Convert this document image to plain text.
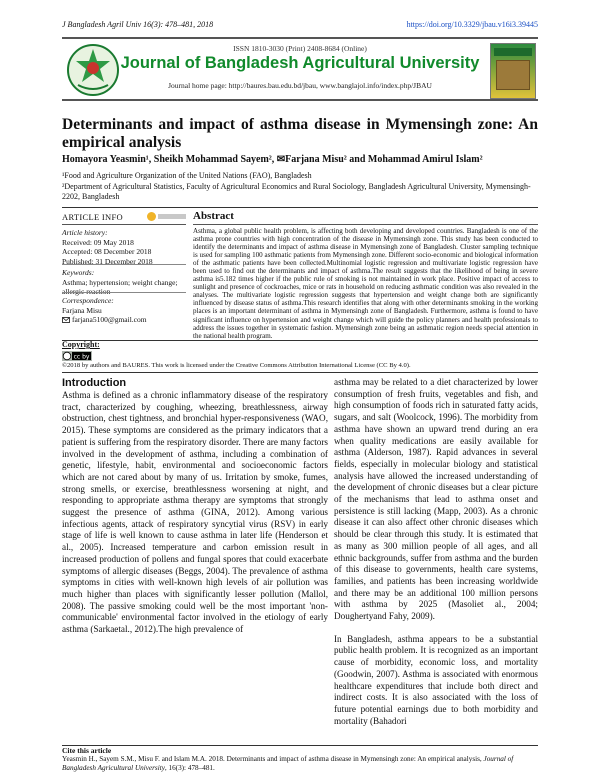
J Bangladesh Agril Univ 16(3): 478–481, 2018	https://doi.org/10.3329/jbau.v16i3.39445
ISSN 1810-3030 (Print) 2408-8684 (Online)
Journal of Bangladesh Agricultural University
Journal home page: http://baures.bau.edu.bd/jbau, www.banglajol.info/index.php/JBAU
Determinants and impact of asthma disease in Mymensingh zone: An empirical analysis
Homayora Yeasmin¹, Sheikh Mohammad Sayem², ✉Farjana Misu² and Mohammad Amirul Islam²
¹Food and Agriculture Organization of the United Nations (FAO), Bangladesh
²Department of Agricultural Statistics, Faculty of Agricultural Economics and Rural Sociology, Bangladesh Agricultural University, Mymensingh-2202, Bangladesh
ARTICLE INFO	Abstract
Article history:
Received: 09 May 2018
Accepted: 08 December 2018
Published: 31 December 2018
Keywords:
Asthma; hypertension; weight change; allergic reaction
Correspondence:
Farjana Misu
farjana5100@gmail.com
Asthma, a global public health problem, is affecting both developing and developed countries. Bangladesh is one of the asthma prone countries with high concentration of the disease in Mymensingh zone. This study has been conducted to identify the determinants and impact of asthma disease in Mymensingh zone of Bangladesh. Cluster sampling technique is used for sampling 100 asthmatic patients from Mymensingh zone. Different socio-economic and biological information of the asthmatic patients have been collected.Multinomial logistic regression and multivariate logistic regression have been used to find out the determinants and impact of asthma.The result suggests that the likelihood of being in severe asthma is5.182 times higher if the public rule of smoking is not maintained in work place. Positive impact of access to sunlight and presence of cockroaches, mice or rats in household on reducing asthmatic condition was also revealed in the analyses. The multivariate logistic regression suggests that hypertension and weight change both are significantly influenced by disease status of asthma.This research identifies that along with other determinants smoking in the working places is an important determinant of asthma in Mymensingh zone of Bangladesh. Furthermore, asthma is found to have significant influence on hypertension and weight change which will guide the policy planners and health professionals to address the issues together in systematic fashion. Mymensingh zone being an asthmatic region needs special attention in the national health program.
Copyright:
cc by
©2018 by authors and BAURES. This work is licensed under the Creative Commons Attribution International License (CC By 4.0).
Introduction

Asthma is defined as a chronic inflammatory disease of the respiratory tract, characterized by coughing, wheezing, breathlessness, airway obstruction, chest tightness, and bronchial hyper-responsiveness (WAO, 2015). These symptoms are considered as the primary indicators that a patient is suffering from the respiratory disorder. There are many factors involved in the development of asthma, including a combination of genetic, lifestyle, habit, environmental and socioeconomic factors which are not cared about by many of us. Irritation by smoke, fumes, strong smells, or exercise, breathlessness worsening at night, and responding to appropriate asthma therapy are symptoms that strongly suggest the presence of asthma (GINA, 2012). Among various infectious agents, attack of respiratory syncytial virus (RSV) in early stage of life is well known to cause asthma in later life (Henderson et al., 2005). Increased temperature and carbon emission result in increased production of pollens and fungal spores that could exacerbate symptoms of allergic diseases (Beggs, 2004). The prevalence of asthma symptoms in cities with well-known high levels of air pollution was much higher than places with significantly lesser pollution (Mallol, 2008). The passive smoking could well be the most important 'non-communicable' environmental factor involved in the etiology of early asthma (Sarkaetal., 2012).The high prevalence of

asthma may be related to a diet characterized by lower consumption of fresh fruits, vegetables and fish, and high consumption of foods rich in saturated fatty acids, sugars, and salt (Woolcock, 1996). The morbidity from asthma have shown an upward trend during an era when quality medications are easily available for asthma (Alderson, 1987). Rapid advances in several fields, especially in molecular biology and statistical analysis have allowed the increased understanding of the development of chronic diseases but a clear picture of the mechanisms that lead to asthma onset and persistence is still lacking (Mapp, 2003). As a chronic disease it can also affect other chronic diseases which should be clear through this study. It is estimated that as many as 300 million people of all ages, and all ethnic backgrounds, suffer from asthma and the burden of this disease to governments, health care systems, families, and patients has been increasing worldwide and there may be an additional 100 million persons with asthma by 2025 (Masoliet al., 2004; Doughertyand Fahy, 2009).

In Bangladesh, asthma appears to be a substantial public health problem. It is recognized as an important cause of morbidity, economic loss, and mortality (Goodwin, 2007). Asthma is associated with enormous healthcare expenditures that include both direct and indirect costs. It is also associated with the loss of future potential earnings due to both morbidity and mortality (Bahadori

Cite this article
Yeasmin H., Sayem S.M., Misu F. and Islam M.A. 2018. Determinants and impact of asthma disease in Mymensingh zone: An empirical analysis, Journal of Bangladesh Agricultural University, 16(3): 478–481.
